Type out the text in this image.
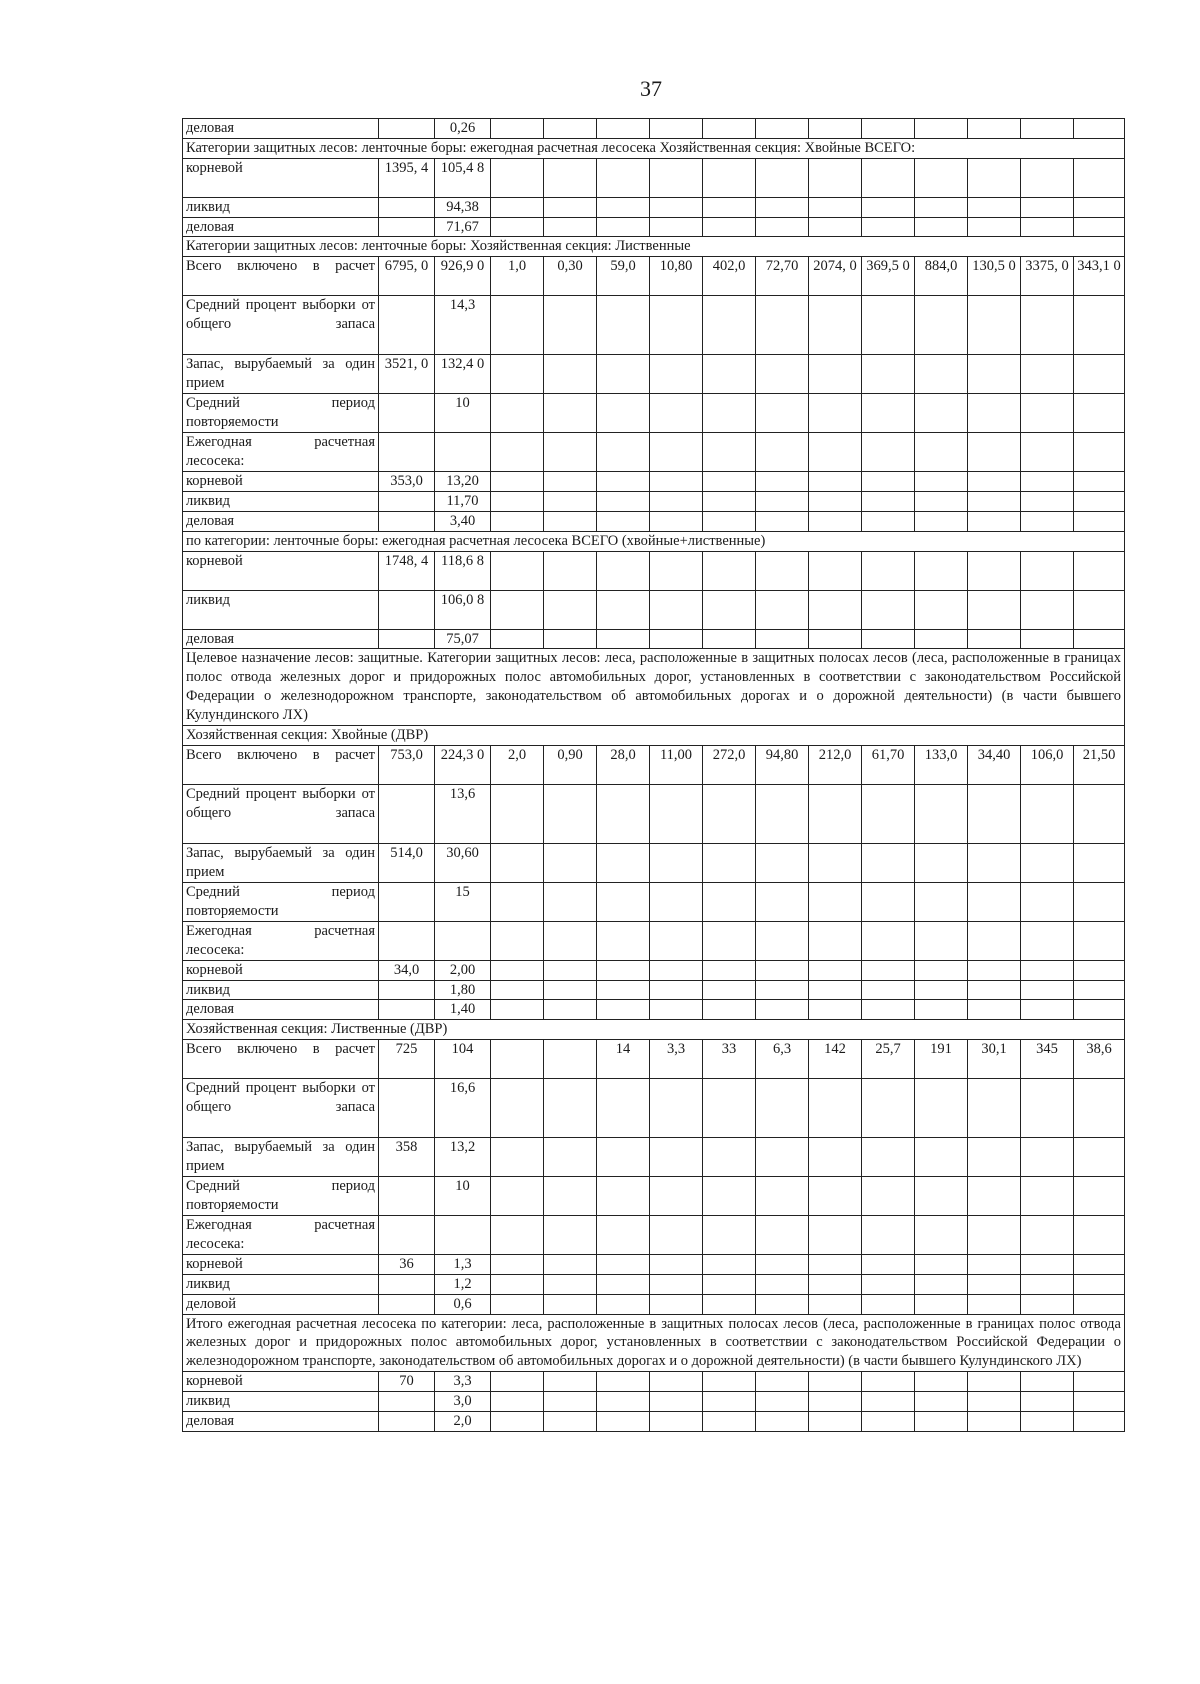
37
деловая		0,26												
Категории защитных лесов: ленточные боры: ежегодная расчетная лесосека Хозяйственная секция: Хвойные ВСЕГО:														
корневой	1395, 4	105,4 8												
ликвид		94,38												
деловая		71,67												
Категории защитных лесов: ленточные боры: Хозяйственная секция: Лиственные														
Всего включено в расчет	6795, 0	926,9 0	1,0	0,30	59,0	10,80	402,0	72,70	2074, 0	369,5 0	884,0	130,5 0	3375, 0	343,1 0
Средний процент выборки от общего запаса		14,3												
Запас, вырубаемый за один прием	3521, 0	132,4 0												
Средний период повторяемости		10												
Ежегодная расчетная лесосека:														
корневой	353,0	13,20												
ликвид		11,70												
деловая		3,40												
по категории: ленточные боры: ежегодная расчетная лесосека ВСЕГО (хвойные+лиственные)														
корневой	1748, 4	118,6 8												
ликвид		106,0 8												
деловая		75,07												
Целевое назначение лесов: защитные. Категории защитных лесов: леса, расположенные в защитных полосах лесов (леса, расположенные в границах полос отвода железных дорог и придорожных полос автомобильных дорог, установленных в соответствии с законодательством Российской Федерации о железнодорожном транспорте, законодательством об автомобильных дорогах и о дорожной деятельности) (в части бывшего Кулундинского ЛХ)														
Хозяйственная секция: Хвойные (ДВР)														
Всего включено в расчет	753,0	224,3 0	2,0	0,90	28,0	11,00	272,0	94,80	212,0	61,70	133,0	34,40	106,0	21,50
Средний процент выборки от общего запаса		13,6												
Запас, вырубаемый за один прием	514,0	30,60												
Средний период повторяемости		15												
Ежегодная расчетная лесосека:														
корневой	34,0	2,00												
ликвид		1,80												
деловая		1,40												
Хозяйственная секция: Лиственные (ДВР)														
Всего включено в расчет	725	104			14	3,3	33	6,3	142	25,7	191	30,1	345	38,6
Средний процент выборки от общего запаса		16,6												
Запас, вырубаемый за один прием	358	13,2												
Средний период повторяемости		10												
Ежегодная расчетная лесосека:														
корневой	36	1,3												
ликвид		1,2												
деловой		0,6												
Итого ежегодная расчетная лесосека по категории: леса, расположенные в защитных полосах лесов (леса, расположенные в границах полос отвода железных дорог и придорожных полос автомобильных дорог, установленных в соответствии с законодательством Российской Федерации о железнодорожном транспорте, законодательством об автомобильных дорогах и о дорожной деятельности) (в части бывшего Кулундинского ЛХ)														
корневой	70	3,3												
ликвид		3,0												
деловая		2,0												
